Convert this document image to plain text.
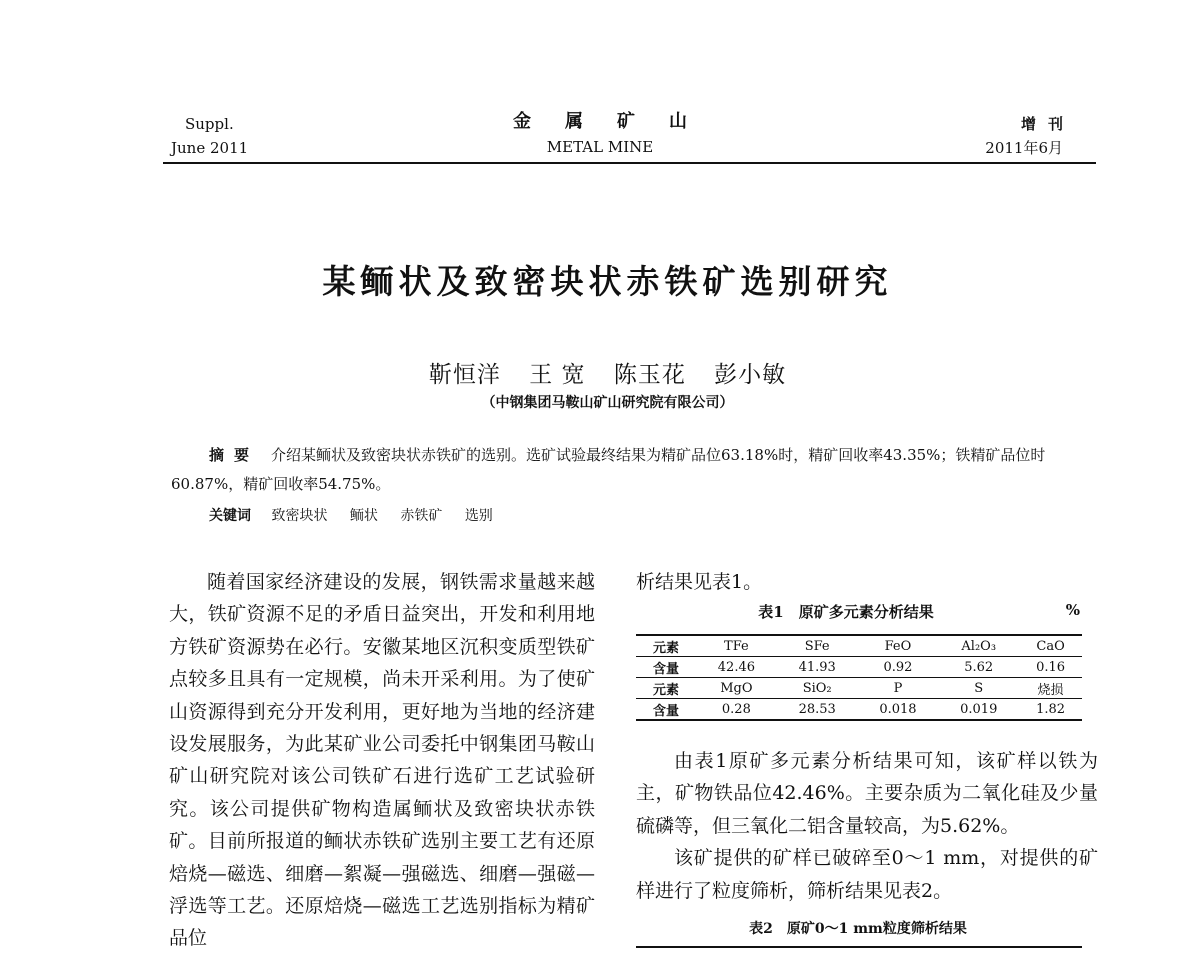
Suppl.
June 2011
金属矿山
METAL MINE
增刊
2011年6月
某鲕状及致密块状赤铁矿选别研究
靳恒洋 王 宽 陈玉花 彭小敏
（中钢集团马鞍山矿山研究院有限公司）
摘要 介绍某鲕状及致密块状赤铁矿的选别。选矿试验最终结果为精矿品位63.18%时，精矿回收率43.35%；铁精矿品位时60.87%，精矿回收率54.75%。
关键词 致密块状 鲕状 赤铁矿 选别

随着国家经济建设的发展，钢铁需求量越来越大，铁矿资源不足的矛盾日益突出，开发和利用地方铁矿资源势在必行。安徽某地区沉积变质型铁矿点较多且具有一定规模，尚未开采利用。为了使矿山资源得到充分开发利用，更好地为当地的经济建设发展服务，为此某矿业公司委托中钢集团马鞍山矿山研究院对该公司铁矿石进行选矿工艺试验研究。该公司提供矿物构造属鲕状及致密块状赤铁矿。目前所报道的鲕状赤铁矿选别主要工艺有还原焙烧—磁选、细磨—絮凝—强磁选、细磨—强磁—浮选等工艺。还原焙烧—磁选工艺选别指标为精矿品位

析结果见表1。

表1　原矿多元素分析结果	%
元素	TFe	SFe	FeO	Al₂O₃	CaO
含量	42.46	41.93	0.92	5.62	0.16
元素	MgO	SiO₂	P	S	烧损
含量	0.28	28.53	0.018	0.019	1.82

由表1原矿多元素分析结果可知，该矿样以铁为主，矿物铁品位42.46%。主要杂质为二氧化硅及少量硫磷等，但三氧化二铝含量较高，为5.62%。

该矿提供的矿样已破碎至0～1 mm，对提供的矿样进行了粒度筛析，筛析结果见表2。

表2　原矿0～1 mm粒度筛析结果
